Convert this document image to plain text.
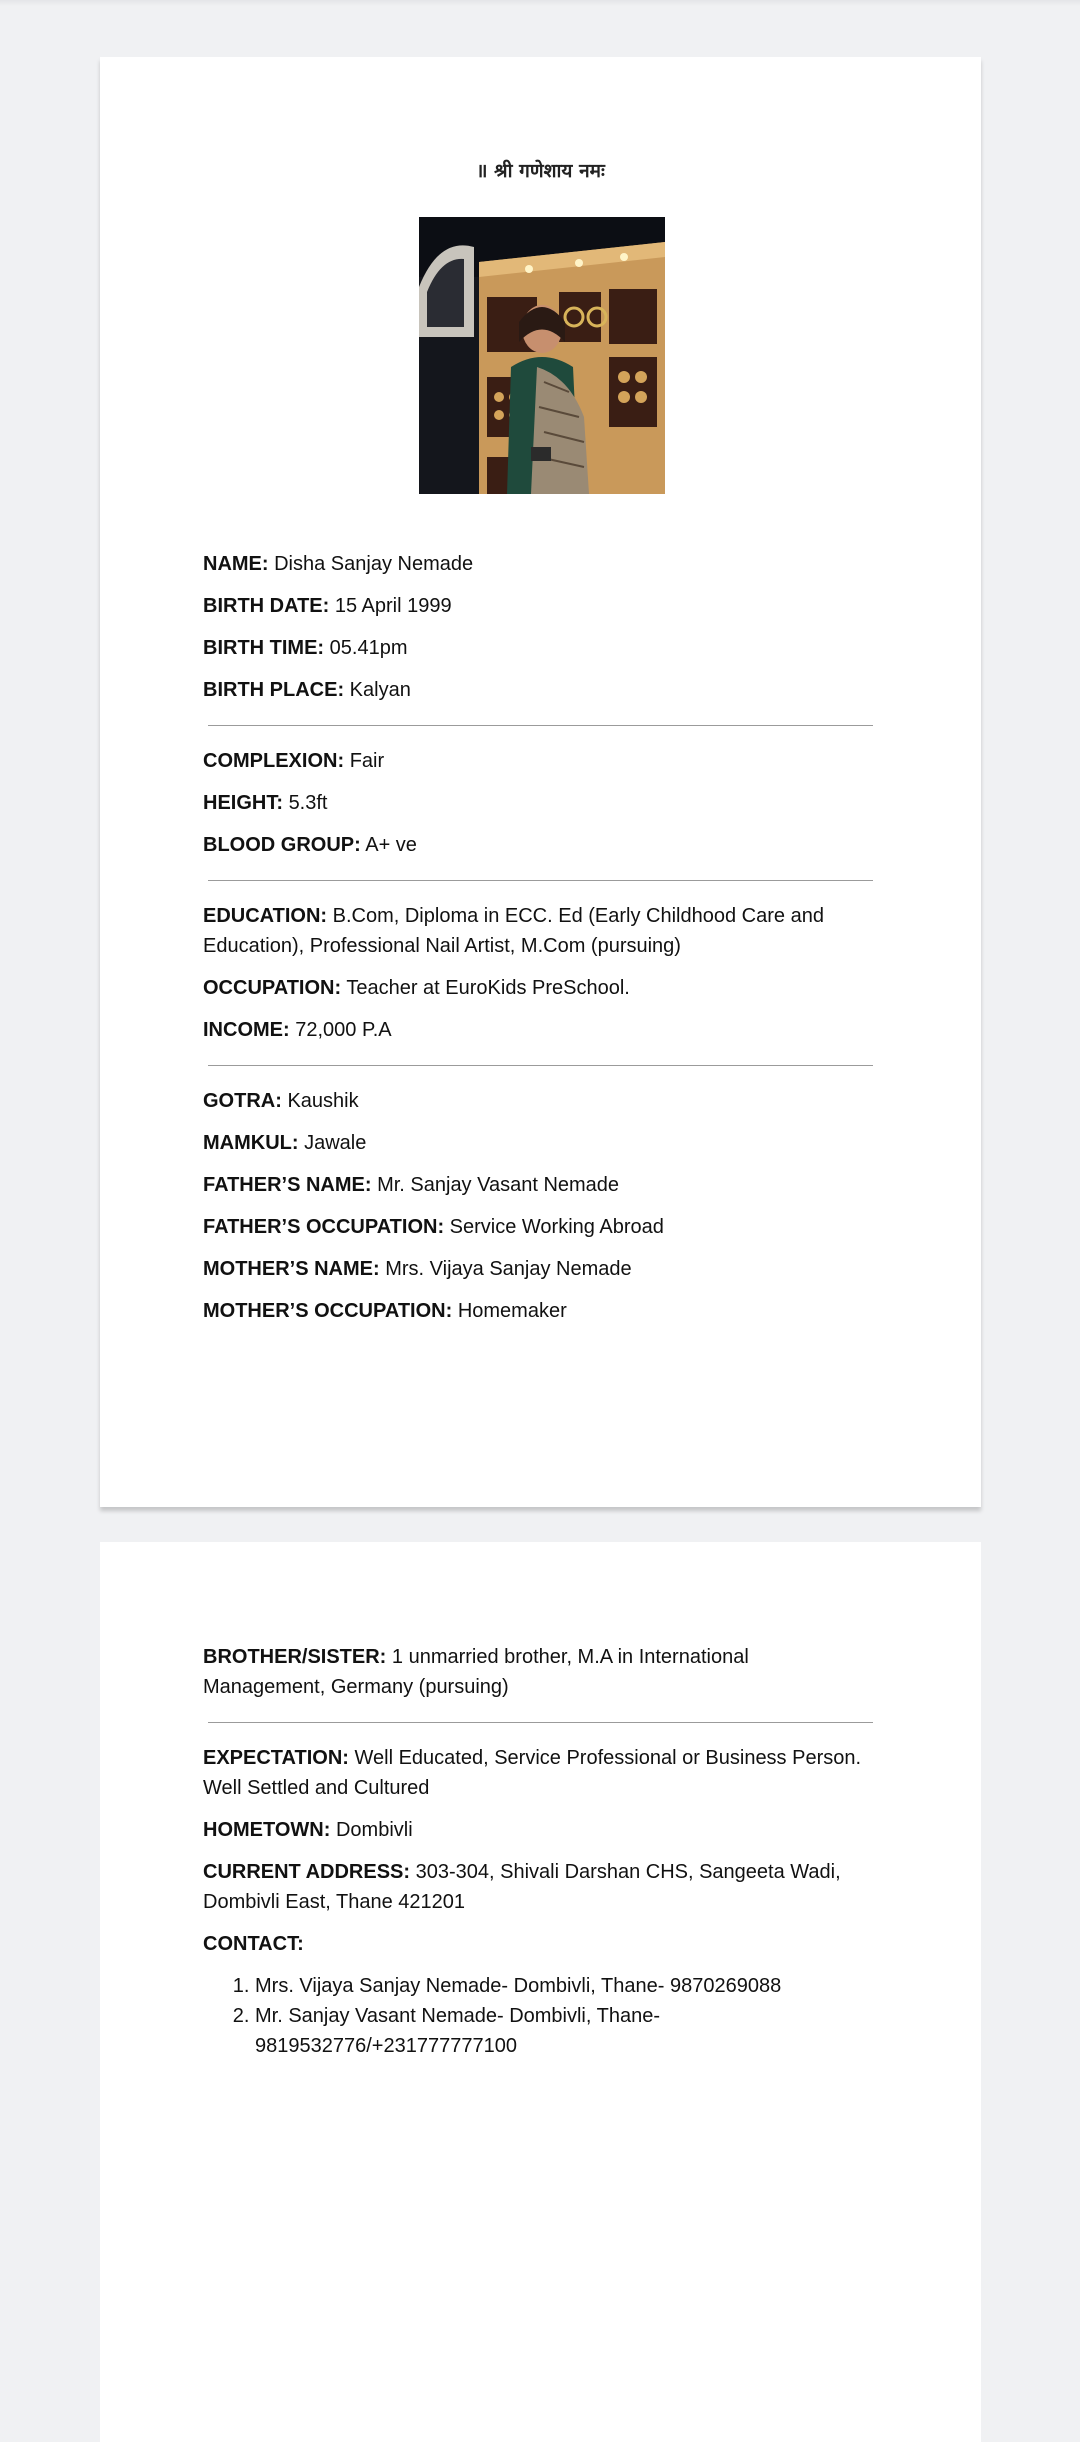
॥ श्री गणेशाय नमः
NAME: Disha Sanjay Nemade
BIRTH DATE: 15 April 1999
BIRTH TIME: 05.41pm
BIRTH PLACE: Kalyan
COMPLEXION: Fair
HEIGHT: 5.3ft
BLOOD GROUP: A+ ve
EDUCATION: B.Com, Diploma in ECC. Ed (Early Childhood Care and Education), Professional Nail Artist, M.Com (pursuing)
OCCUPATION: Teacher at EuroKids PreSchool.
INCOME: 72,000 P.A
GOTRA: Kaushik
MAMKUL: Jawale
FATHER’S NAME: Mr. Sanjay Vasant Nemade
FATHER’S OCCUPATION: Service Working Abroad
MOTHER’S NAME: Mrs. Vijaya Sanjay Nemade
MOTHER’S OCCUPATION: Homemaker
BROTHER/SISTER: 1 unmarried brother, M.A in International Management, Germany (pursuing)
EXPECTATION: Well Educated, Service Professional or Business Person. Well Settled and Cultured
HOMETOWN: Dombivli
CURRENT ADDRESS: 303-304, Shivali Darshan CHS, Sangeeta Wadi, Dombivli East, Thane 421201
CONTACT:
1. Mrs. Vijaya Sanjay Nemade- Dombivli, Thane- 9870269088
2. Mr. Sanjay Vasant Nemade- Dombivli, Thane- 9819532776/+231777777100
